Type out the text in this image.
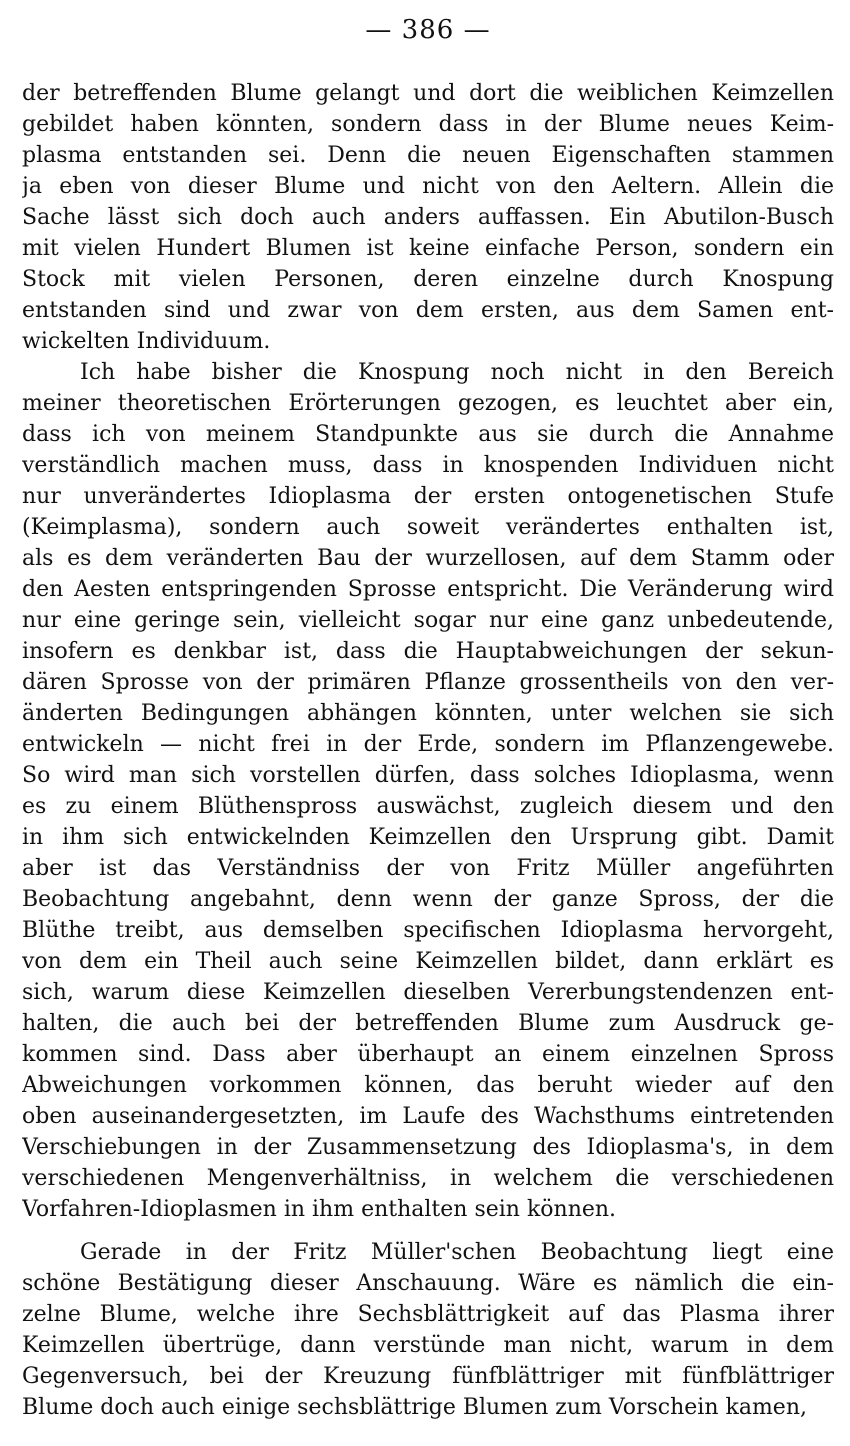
— 386 —
der betreffenden Blume gelangt und dort die weiblichen Keimzellen
gebildet haben könnten, sondern dass in der Blume neues Keim-
plasma entstanden sei. Denn die neuen Eigenschaften stammen
ja eben von dieser Blume und nicht von den Aeltern. Allein die
Sache lässt sich doch auch anders auffassen. Ein Abutilon-Busch
mit vielen Hundert Blumen ist keine einfache Person, sondern ein
Stock mit vielen Personen, deren einzelne durch Knospung
entstanden sind und zwar von dem ersten, aus dem Samen ent-
wickelten Individuum.
Ich habe bisher die Knospung noch nicht in den Bereich
meiner theoretischen Erörterungen gezogen, es leuchtet aber ein,
dass ich von meinem Standpunkte aus sie durch die Annahme
verständlich machen muss, dass in knospenden Individuen nicht
nur unverändertes Idioplasma der ersten ontogenetischen Stufe
(Keimplasma), sondern auch soweit verändertes enthalten ist,
als es dem veränderten Bau der wurzellosen, auf dem Stamm oder
den Aesten entspringenden Sprosse entspricht. Die Veränderung wird
nur eine geringe sein, vielleicht sogar nur eine ganz unbedeutende,
insofern es denkbar ist, dass die Hauptabweichungen der sekun-
dären Sprosse von der primären Pflanze grossentheils von den ver-
änderten Bedingungen abhängen könnten, unter welchen sie sich
entwickeln — nicht frei in der Erde, sondern im Pflanzengewebe.
So wird man sich vorstellen dürfen, dass solches Idioplasma, wenn
es zu einem Blüthenspross auswächst, zugleich diesem und den
in ihm sich entwickelnden Keimzellen den Ursprung gibt. Damit
aber ist das Verständniss der von Fritz Müller angeführten
Beobachtung angebahnt, denn wenn der ganze Spross, der die
Blüthe treibt, aus demselben specifischen Idioplasma hervorgeht,
von dem ein Theil auch seine Keimzellen bildet, dann erklärt es
sich, warum diese Keimzellen dieselben Vererbungstendenzen ent-
halten, die auch bei der betreffenden Blume zum Ausdruck ge-
kommen sind. Dass aber überhaupt an einem einzelnen Spross
Abweichungen vorkommen können, das beruht wieder auf den
oben auseinandergesetzten, im Laufe des Wachsthums eintretenden
Verschiebungen in der Zusammensetzung des Idioplasma's, in dem
verschiedenen Mengenverhältniss, in welchem die verschiedenen
Vorfahren-Idioplasmen in ihm enthalten sein können.
Gerade in der Fritz Müller'schen Beobachtung liegt eine
schöne Bestätigung dieser Anschauung. Wäre es nämlich die ein-
zelne Blume, welche ihre Sechsblättrigkeit auf das Plasma ihrer
Keimzellen übertrüge, dann verstünde man nicht, warum in dem
Gegenversuch, bei der Kreuzung fünfblättriger mit fünfblättriger
Blume doch auch einige sechsblättrige Blumen zum Vorschein kamen,
